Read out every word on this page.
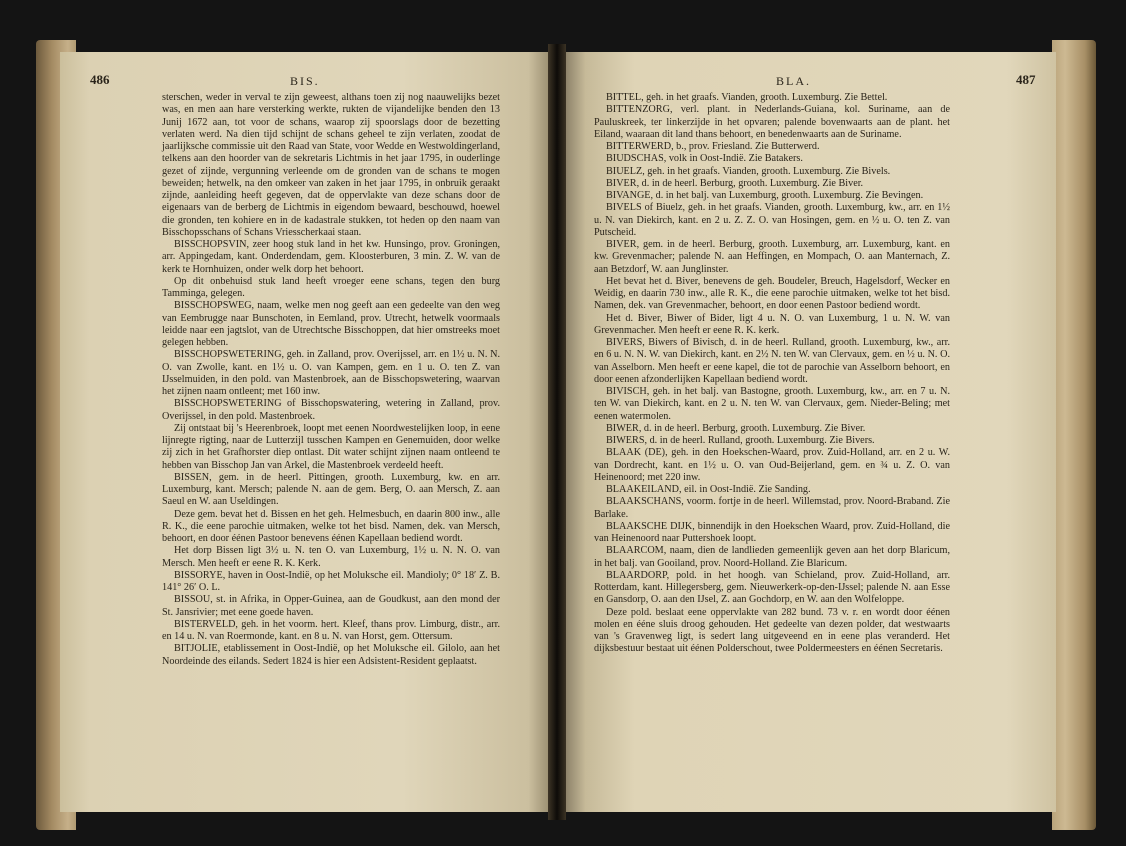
486	BIS.

sterschen, weder in verval te zijn geweest, althans toen zij nog naauwelijks bezet was, en men aan hare versterking werkte, rukten de vijandelijke benden den 13 Junij 1672 aan, tot voor de schans, waarop zij spoorslags door de bezetting verlaten werd. Na dien tijd schijnt de schans geheel te zijn verlaten, zoodat de jaarlijksche commissie uit den Raad van State, voor Wedde en Westwoldingerland, telkens aan den hoorder van de sekretaris Lichtmis in het jaar 1795, in ouderlinge gezet of zijnde, vergunning verleende om de gronden van de schans te mogen beweiden; hetwelk, na den omkeer van zaken in het jaar 1795, in onbruik geraakt zijnde, aanleiding heeft gegeven, dat de oppervlakte van deze schans door de eigenaars van de berberg de Lichtmis in eigendom bewaard, beschouwd, hoewel die gronden, ten kohiere en in de kadastrale stukken, tot heden op den naam van Bisschopsschans of Schans Vriesscherkaai staan.

BISSCHOPSVIN, zeer hoog stuk land in het kw. Hunsingo, prov. Groningen, arr. Appingedam, kant. Onderdendam, gem. Kloosterburen, 3 min. Z. W. van de kerk te Hornhuizen, onder welk dorp het behoort.

Op dit onbehuisd stuk land heeft vroeger eene schans, tegen den burg Tamminga, gelegen.

BISSCHOPSWEG, naam, welke men nog geeft aan een gedeelte van den weg van Eembrugge naar Bunschoten, in Eemland, prov. Utrecht, hetwelk voormaals leidde naar een jagtslot, van de Utrechtsche Bisschoppen, dat hier omstreeks moet gelegen hebben.

BISSCHOPSWETERING, geh. in Zalland, prov. Overijssel, arr. en 1½ u. N. N. O. van Zwolle, kant. en 1½ u. O. van Kampen, gem. en 1 u. O. ten Z. van IJsselmuiden, in den pold. van Mastenbroek, aan de Bisschopswetering, waarvan het zijnen naam ontleent; met 160 inw.

BISSCHOPSWETERING of Bisschopswatering, wetering in Zalland, prov. Overijssel, in den pold. Mastenbroek.

Zij ontstaat bij 's Heerenbroek, loopt met eenen Noordwestelijken loop, in eene lijnregte rigting, naar de Lutterzijl tusschen Kampen en Genemuiden, door welke zij zich in het Grafhorster diep ontlast. Dit water schijnt zijnen naam ontleend te hebben van Bisschop Jan van Arkel, die Mastenbroek verdeeld heeft.

BISSEN, gem. in de heerl. Pittingen, grooth. Luxemburg, kw. en arr. Luxemburg, kant. Mersch; palende N. aan de gem. Berg, O. aan Mersch, Z. aan Saeul en W. aan Useldingen.

Deze gem. bevat het d. Bissen en het geh. Helmesbuch, en daarin 800 inw., alle R. K., die eene parochie uitmaken, welke tot het bisd. Namen, dek. van Mersch, behoort, en door éénen Pastoor benevens éénen Kapellaan bediend wordt.

Het dorp Bissen ligt 3½ u. N. ten O. van Luxemburg, 1½ u. N. N. O. van Mersch. Men heeft er eene R. K. Kerk.

BISSORYE, haven in Oost-Indië, op het Moluksche eil. Mandioly; 0° 18′ Z. B. 141° 26′ O. L.

BISSOU, st. in Afrika, in Opper-Guinea, aan de Goudkust, aan den mond der St. Jansrivier; met eene goede haven.

BISTERVELD, geh. in het voorm. hert. Kleef, thans prov. Limburg, distr., arr. en 14 u. N. van Roermonde, kant. en 8 u. N. van Horst, gem. Ottersum.

BITJOLIE, etablissement in Oost-Indië, op het Moluksche eil. Gilolo, aan het Noordeinde des eilands. Sedert 1824 is hier een Adsistent-Resident geplaatst.

BLA.	487

BITTEL, geh. in het graafs. Vianden, grooth. Luxemburg. Zie Bettel.

BITTENZORG, verl. plant. in Nederlands-Guiana, kol. Suriname, aan de Pauluskreek, ter linkerzijde in het opvaren; palende bovenwaarts aan de plant. het Eiland, waaraan dit land thans behoort, en benedenwaarts aan de Suriname.

BITTERWERD, b., prov. Friesland. Zie Butterwerd.

BIUDSCHAS, volk in Oost-Indië. Zie Batakers.

BIUELZ, geh. in het graafs. Vianden, grooth. Luxemburg. Zie Bivels.

BIVER, d. in de heerl. Berburg, grooth. Luxemburg. Zie Biver.

BIVANGE, d. in het balj. van Luxemburg, grooth. Luxemburg. Zie Bevingen.

BIVELS of Biuelz, geh. in het graafs. Vianden, grooth. Luxemburg, kw., arr. en 1½ u. N. van Diekirch, kant. en 2 u. Z. Z. O. van Hosingen, gem. en ½ u. O. ten Z. van Putscheid.

BIVER, gem. in de heerl. Berburg, grooth. Luxemburg, arr. Luxemburg, kant. en kw. Grevenmacher; palende N. aan Heffingen, en Mompach, O. aan Manternach, Z. aan Betzdorf, W. aan Junglinster.

Het bevat het d. Biver, benevens de geh. Boudeler, Breuch, Hagelsdorf, Wecker en Weidig, en daarin 730 inw., alle R. K., die eene parochie uitmaken, welke tot het bisd. Namen, dek. van Grevenmacher, behoort, en door eenen Pastoor bediend wordt.

Het d. Biver, Biwer of Bider, ligt 4 u. N. O. van Luxemburg, 1 u. N. W. van Grevenmacher. Men heeft er eene R. K. kerk.

BIVERS, Biwers of Bivisch, d. in de heerl. Rulland, grooth. Luxemburg, kw., arr. en 6 u. N. N. W. van Diekirch, kant. en 2½ N. ten W. van Clervaux, gem. en ½ u. N. O. van Asselborn. Men heeft er eene kapel, die tot de parochie van Asselborn behoort, en door eenen afzonderlijken Kapellaan bediend wordt.

BIVISCH, geh. in het balj. van Bastogne, grooth. Luxemburg, kw., arr. en 7 u. N. ten W. van Diekirch, kant. en 2 u. N. ten W. van Clervaux, gem. Nieder-Beling; met eenen watermolen.

BIWER, d. in de heerl. Berburg, grooth. Luxemburg. Zie Biver.

BIWERS, d. in de heerl. Rulland, grooth. Luxemburg. Zie Bivers.

BLAAK (DE), geh. in den Hoekschen-Waard, prov. Zuid-Holland, arr. en 2 u. W. van Dordrecht, kant. en 1½ u. O. van Oud-Beijerland, gem. en ¾ u. Z. O. van Heinenoord; met 220 inw.

BLAAKEILAND, eil. in Oost-Indië. Zie Sanding.

BLAAKSCHANS, voorm. fortje in de heerl. Willemstad, prov. Noord-Braband. Zie Barlake.

BLAAKSCHE DIJK, binnendijk in den Hoekschen Waard, prov. Zuid-Holland, die van Heinenoord naar Puttershoek loopt.

BLAARCOM, naam, dien de landlieden gemeenlijk geven aan het dorp Blaricum, in het balj. van Gooiland, prov. Noord-Holland. Zie Blaricum.

BLAARDORP, pold. in het hoogh. van Schieland, prov. Zuid-Holland, arr. Rotterdam, kant. Hillegersberg, gem. Nieuwerkerk-op-den-IJssel; palende N. aan Esse en Gansdorp, O. aan den IJsel, Z. aan Gochdorp, en W. aan den Wolfeloppe.

Deze pold. beslaat eene oppervlakte van 282 bund. 73 v. r. en wordt door éénen molen en ééne sluis droog gehouden. Het gedeelte van dezen polder, dat westwaarts van 's Gravenweg ligt, is sedert lang uitgeveend en in eene plas veranderd. Het dijksbestuur bestaat uit éénen Polderschout, twee Poldermeesters en éénen Secretaris.
